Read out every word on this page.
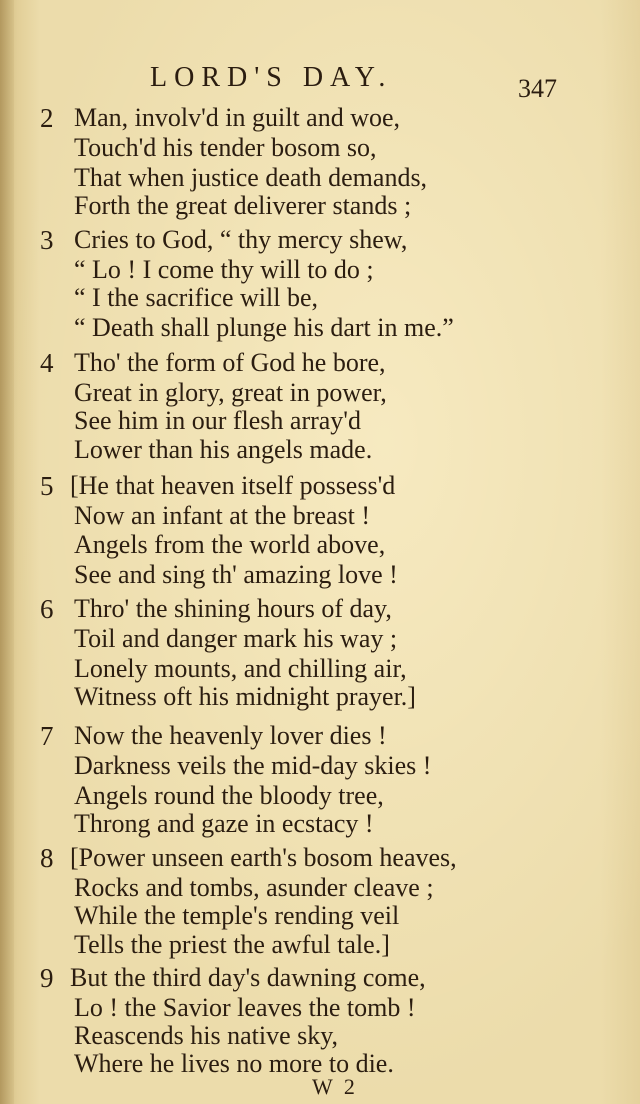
LORD'S DAY.	347
2 Man, involv'd in guilt and woe,
Touch'd his tender bosom so,
That when justice death demands,
Forth the great deliverer stands ;
3 Cries to God, “ thy mercy shew,
“ Lo ! I come thy will to do ;
“ I the sacrifice will be,
“ Death shall plunge his dart in me.”
4 Tho' the form of God he bore,
Great in glory, great in power,
See him in our flesh array'd
Lower than his angels made.
5 [He that heaven itself possess'd
Now an infant at the breast !
Angels from the world above,
See and sing th' amazing love !
6 Thro' the shining hours of day,
Toil and danger mark his way ;
Lonely mounts, and chilling air,
Witness oft his midnight prayer.]
7 Now the heavenly lover dies !
Darkness veils the mid-day skies !
Angels round the bloody tree,
Throng and gaze in ecstacy !
8 [Power unseen earth's bosom heaves,
Rocks and tombs, asunder cleave ;
While the temple's rending veil
Tells the priest the awful tale.]
9 But the third day's dawning come,
Lo ! the Savior leaves the tomb !
Reascends his native sky,
Where he lives no more to die.
W 2
